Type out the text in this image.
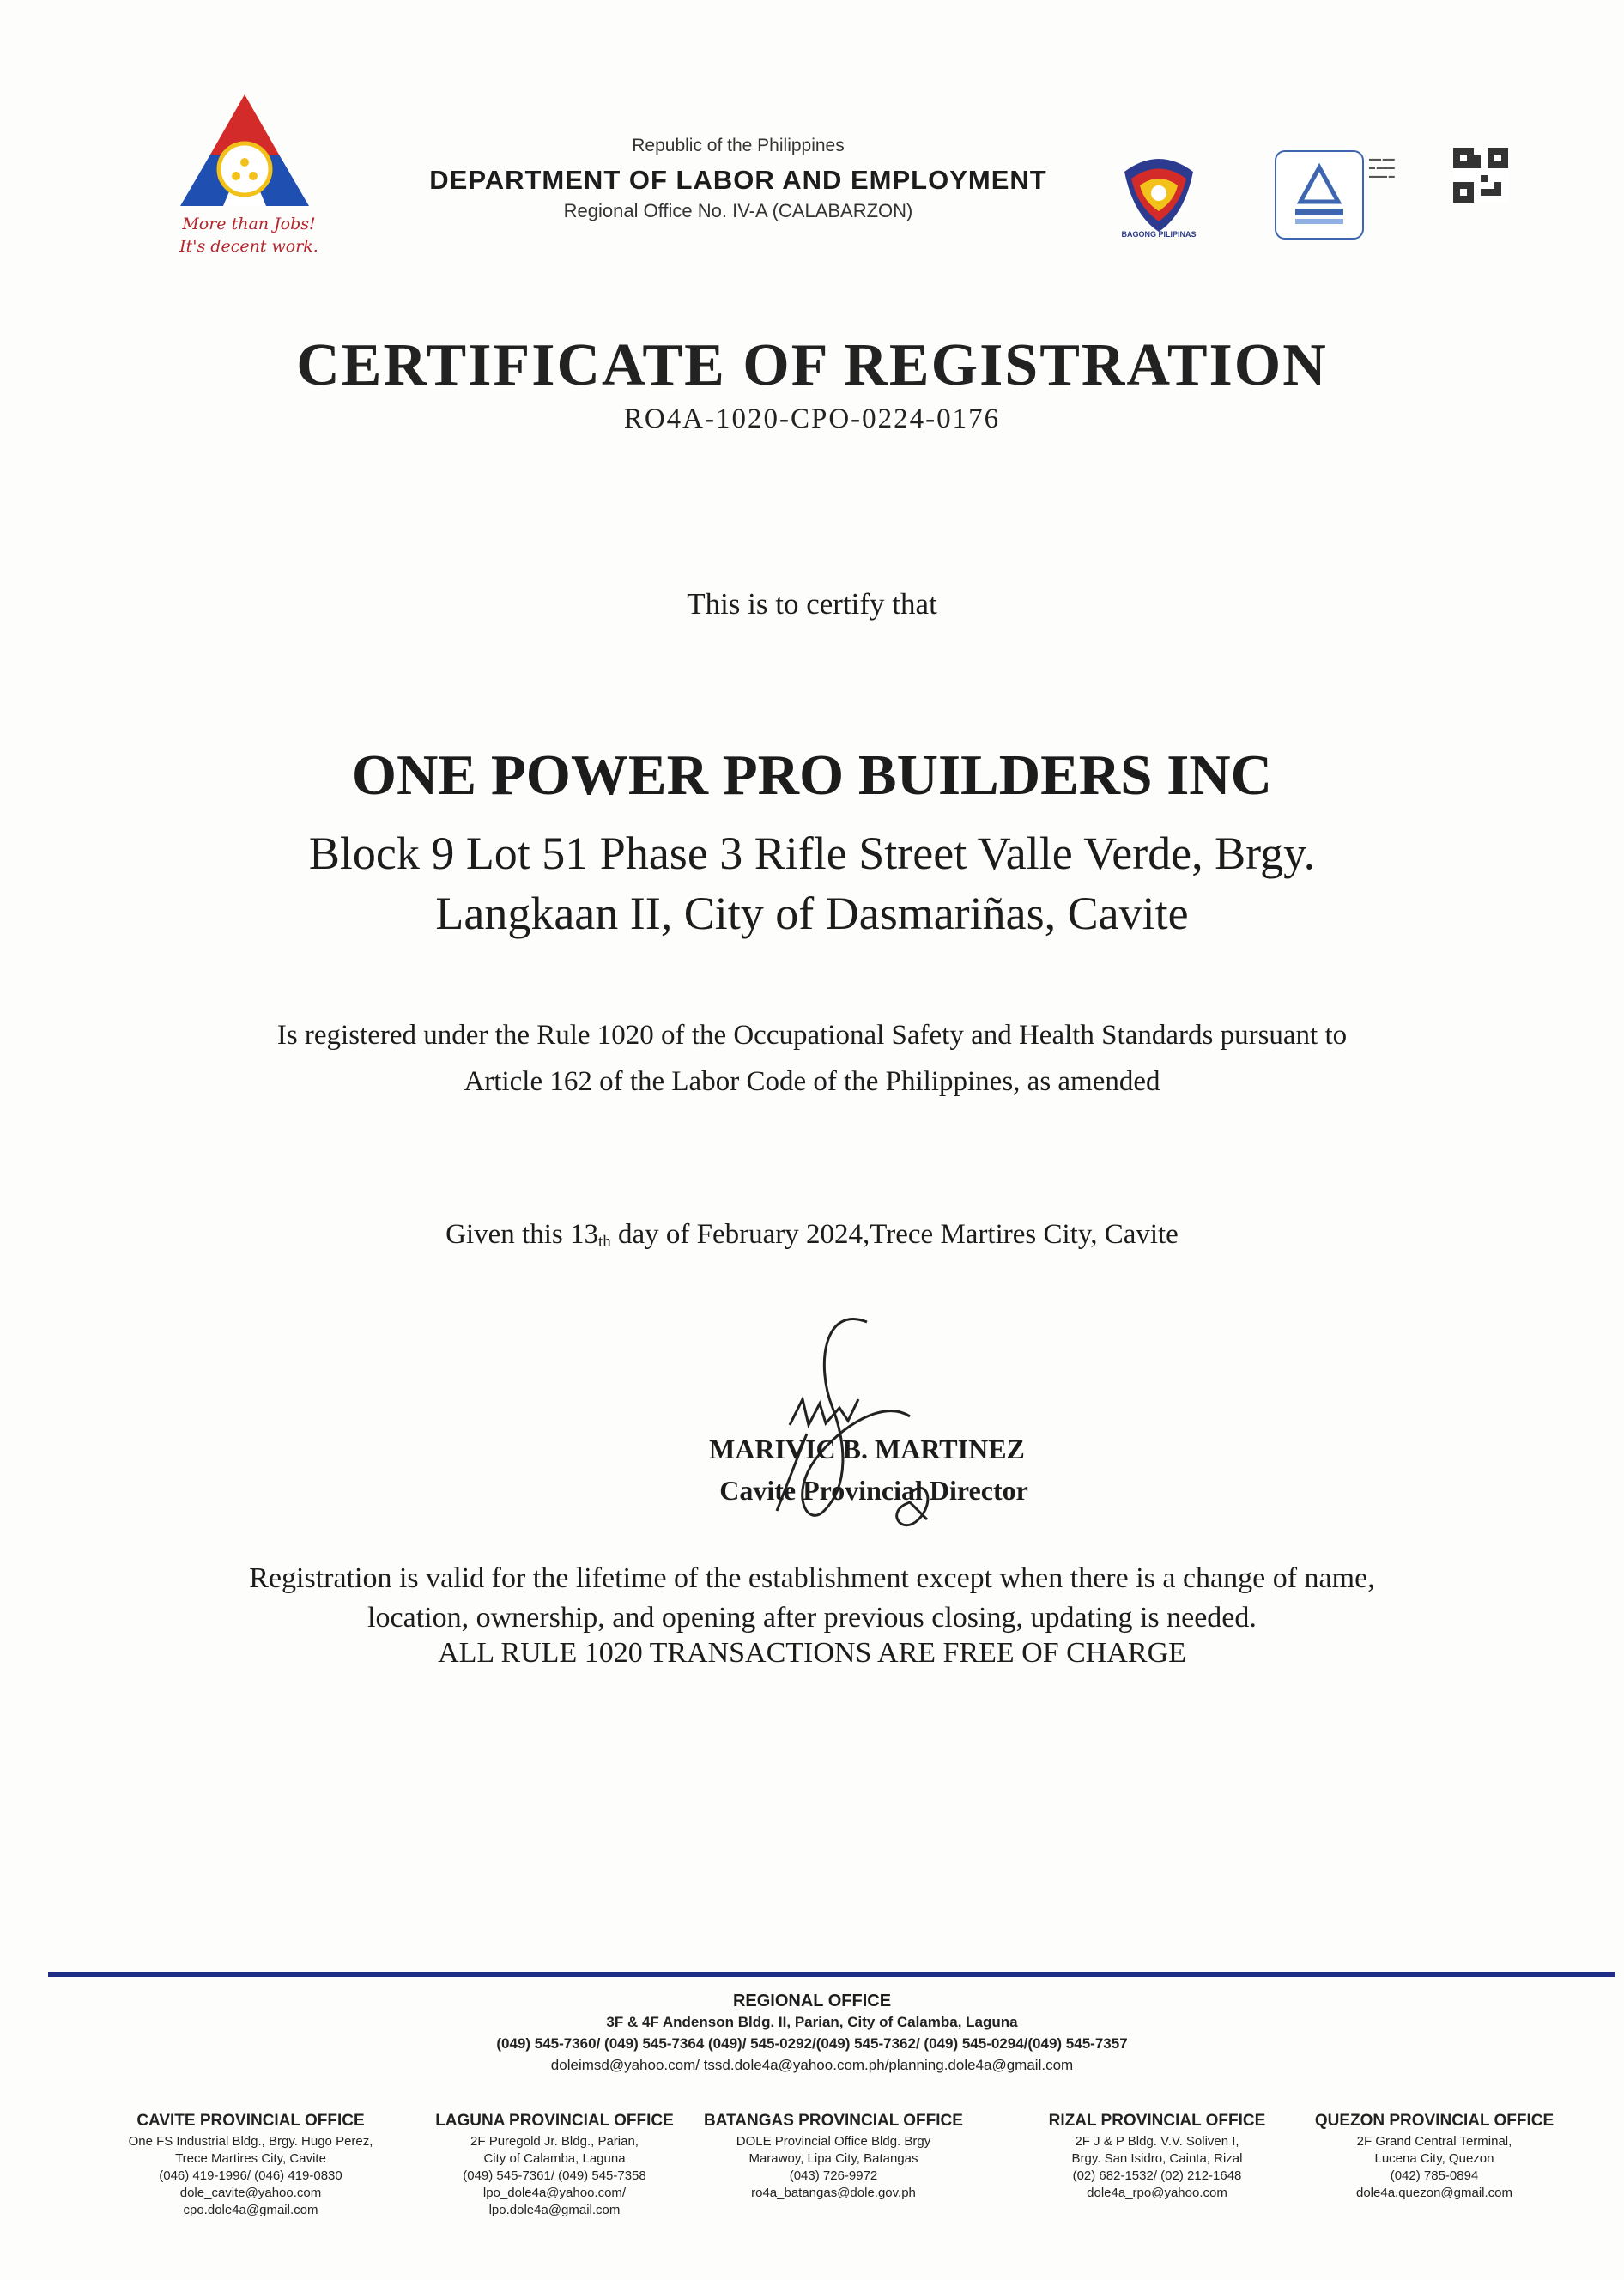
More than Jobs!
It's decent work.
Republic of the Philippines
DEPARTMENT OF LABOR AND EMPLOYMENT
Regional Office No. IV-A (CALABARZON)
BAGONG PILIPINAS
▬▬ ▬▬
▬ ▬▬▬
▬▬▬ ▬
CERTIFICATE OF REGISTRATION
RO4A-1020-CPO-0224-0176
This is to certify that
ONE POWER PRO BUILDERS INC
Block 9 Lot 51 Phase 3 Rifle Street Valle Verde, Brgy.
Langkaan II, City of Dasmariñas, Cavite
Is registered under the Rule 1020 of the Occupational Safety and Health Standards pursuant to
Article 162 of the Labor Code of the Philippines, as amended
Given this 13th day of February 2024,Trece Martires City, Cavite
MARIVIC B. MARTINEZ
Cavite Provincial Director
Registration is valid for the lifetime of the establishment except when there is a change of name,
location, ownership, and opening after previous closing, updating is needed.
ALL RULE 1020 TRANSACTIONS ARE FREE OF CHARGE
REGIONAL OFFICE
3F & 4F Andenson Bldg. II, Parian, City of Calamba, Laguna
(049) 545-7360/ (049) 545-7364 (049)/ 545-0292/(049) 545-7362/ (049) 545-0294/(049) 545-7357
doleimsd@yahoo.com/ tssd.dole4a@yahoo.com.ph/planning.dole4a@gmail.com
CAVITE PROVINCIAL OFFICE
One FS Industrial Bldg., Brgy. Hugo Perez,
Trece Martires City, Cavite
(046) 419-1996/ (046) 419-0830
dole_cavite@yahoo.com
cpo.dole4a@gmail.com
LAGUNA PROVINCIAL OFFICE
2F Puregold Jr. Bldg., Parian,
City of Calamba, Laguna
(049) 545-7361/ (049) 545-7358
lpo_dole4a@yahoo.com/
lpo.dole4a@gmail.com
BATANGAS PROVINCIAL OFFICE
DOLE Provincial Office Bldg. Brgy
Marawoy, Lipa City, Batangas
(043) 726-9972
ro4a_batangas@dole.gov.ph
RIZAL PROVINCIAL OFFICE
2F J & P Bldg. V.V. Soliven I,
Brgy. San Isidro, Cainta, Rizal
(02) 682-1532/ (02) 212-1648
dole4a_rpo@yahoo.com
QUEZON PROVINCIAL OFFICE
2F Grand Central Terminal,
Lucena City, Quezon
(042) 785-0894
dole4a.quezon@gmail.com
